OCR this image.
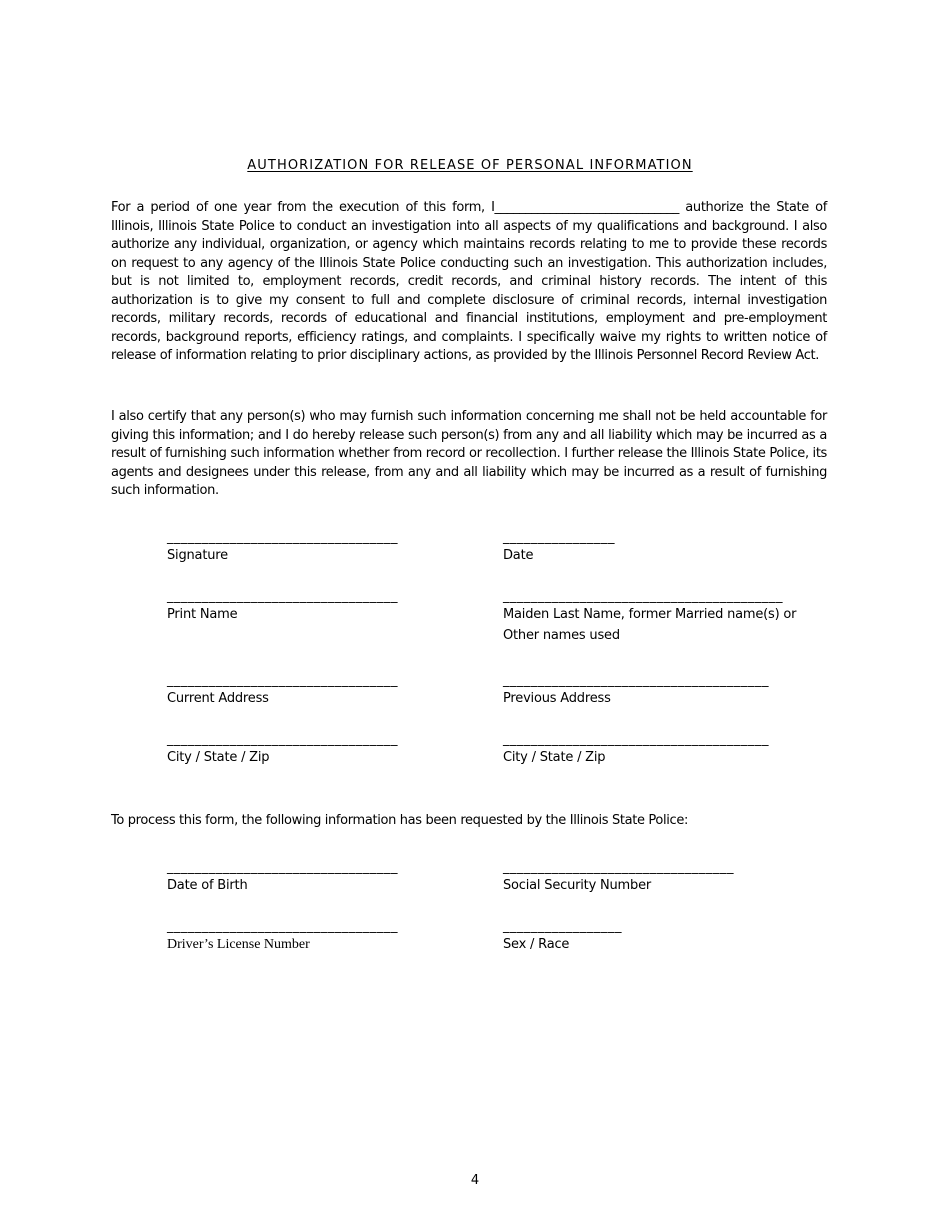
AUTHORIZATION FOR RELEASE OF PERSONAL INFORMATION

For a period of one year from the execution of this form, I______________________________ authorize the State of Illinois, Illinois State Police to conduct an investigation into all aspects of my qualifications and background. I also authorize any individual, organization, or agency which maintains records relating to me to provide these records on request to any agency of the Illinois State Police conducting such an investigation. This authorization includes, but is not limited to, employment records, credit records, and criminal history records. The intent of this authorization is to give my consent to full and complete disclosure of criminal records, internal investigation records, military records, records of educational and financial institutions, employment and pre-employment records, background reports, efficiency ratings, and complaints. I specifically waive my rights to written notice of release of information relating to prior disciplinary actions, as provided by the Illinois Personnel Record Review Act.

I also certify that any person(s) who may furnish such information concerning me shall not be held accountable for giving this information; and I do hereby release such person(s) from any and all liability which may be incurred as a result of furnishing such information whether from record or recollection. I further release the Illinois State Police, its agents and designees under this release, from any and all liability which may be incurred as a result of furnishing such information.

_________________________________
Signature
________________
Date
_________________________________
Print Name
________________________________________
Maiden Last Name, former Married name(s) or
Other names used
_________________________________
Current Address
______________________________________
Previous Address
_________________________________
City / State / Zip
______________________________________
City / State / Zip

To process this form, the following information has been requested by the Illinois State Police:

_________________________________
Date of Birth
_________________________________
Social Security Number
_________________________________
Driver’s License Number
_________________
Sex / Race
4
